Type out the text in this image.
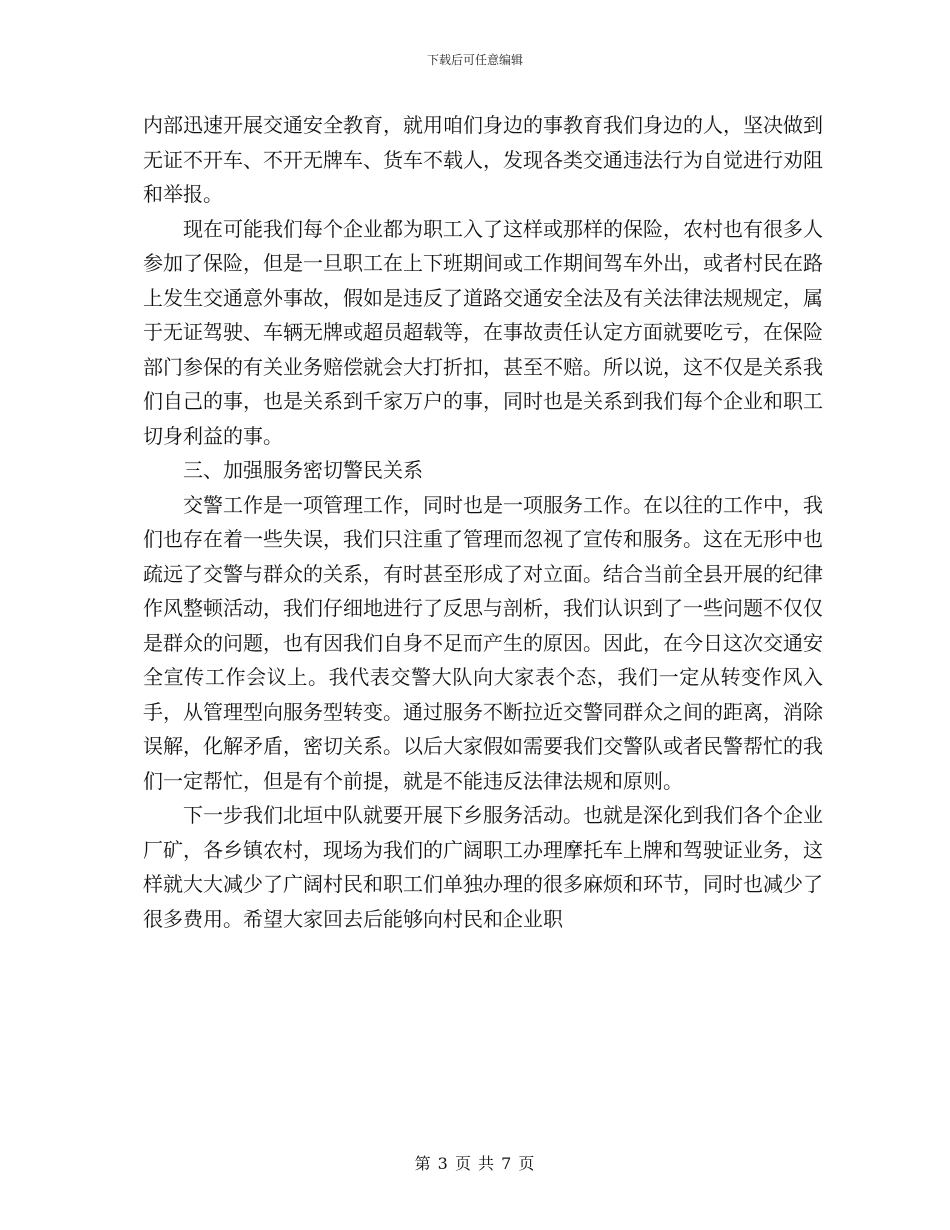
下载后可任意编辑

内部迅速开展交通安全教育，就用咱们身边的事教育我们身边的人，坚决做到无证不开车、不开无牌车、货车不载人，发现各类交通违法行为自觉进行劝阻和举报。

现在可能我们每个企业都为职工入了这样或那样的保险，农村也有很多人参加了保险，但是一旦职工在上下班期间或工作期间驾车外出，或者村民在路上发生交通意外事故，假如是违反了道路交通安全法及有关法律法规规定，属于无证驾驶、车辆无牌或超员超载等，在事故责任认定方面就要吃亏，在保险部门参保的有关业务赔偿就会大打折扣，甚至不赔。所以说，这不仅是关系我们自己的事，也是关系到千家万户的事，同时也是关系到我们每个企业和职工切身利益的事。

三、加强服务密切警民关系

交警工作是一项管理工作，同时也是一项服务工作。在以往的工作中，我们也存在着一些失误，我们只注重了管理而忽视了宣传和服务。这在无形中也疏远了交警与群众的关系，有时甚至形成了对立面。结合当前全县开展的纪律作风整顿活动，我们仔细地进行了反思与剖析，我们认识到了一些问题不仅仅是群众的问题，也有因我们自身不足而产生的原因。因此，在今日这次交通安全宣传工作会议上。我代表交警大队向大家表个态，我们一定从转变作风入手，从管理型向服务型转变。通过服务不断拉近交警同群众之间的距离，消除误解，化解矛盾，密切关系。以后大家假如需要我们交警队或者民警帮忙的我们一定帮忙，但是有个前提，就是不能违反法律法规和原则。

下一步我们北垣中队就要开展下乡服务活动。也就是深化到我们各个企业厂矿，各乡镇农村，现场为我们的广阔职工办理摩托车上牌和驾驶证业务，这样就大大减少了广阔村民和职工们单独办理的很多麻烦和环节，同时也减少了很多费用。希望大家回去后能够向村民和企业职

第 3 页 共 7 页
